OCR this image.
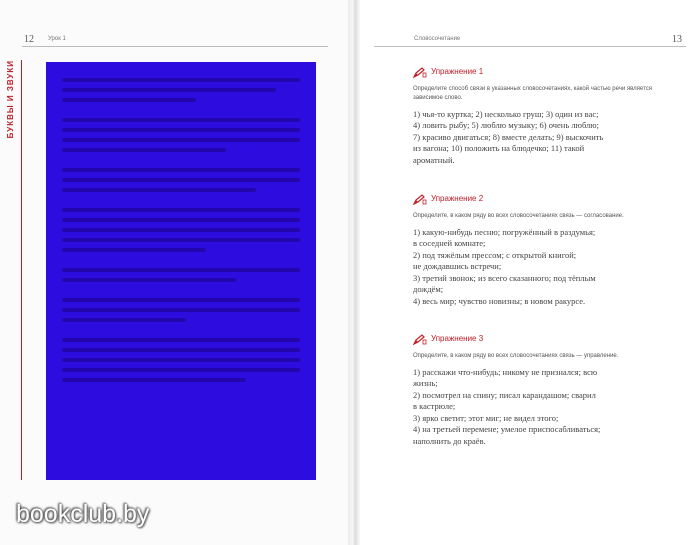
12 Урок 1	Словосочетание	13
БУКВЫ И ЗВУКИ	Упражнение 1
Определите способ связи в указанных словосочетаниях, какой частью речи является зависимое слово.
1) чья-то куртка; 2) несколько груш; 3) один из вас;
4) ловить рыбу; 5) люблю музыку; 6) очень люблю;
7) красиво двигаться; 8) вместе делать; 9) выскочить
из вагона; 10) положить на блюдечко; 11) такой
ароматный.
Упражнение 2
Определите, в каком ряду во всех словосочетаниях связь — согласование.
1) какую-нибудь песню; погружённый в раздумья;
в соседней комнате;
2) под тяжёлым прессом; с открытой книгой;
не дождавшись встречи;
3) третий звонок; из всего сказанного; под тёплым
дождём;
4) весь мир; чувство новизны; в новом ракурсе.
Упражнение 3
Определите, в каком ряду во всех словосочетаниях связь — управление.
1) расскажи что-нибудь; никому не признался; всю
жизнь;
2) посмотрел на спину; писал карандашом; сварил
в кастрюле;
3) ярко светит; этот миг; не видел этого;
4) на третьей перемене; умелое приспосабливаться;
наполнить до краёв.
bookclub.by
